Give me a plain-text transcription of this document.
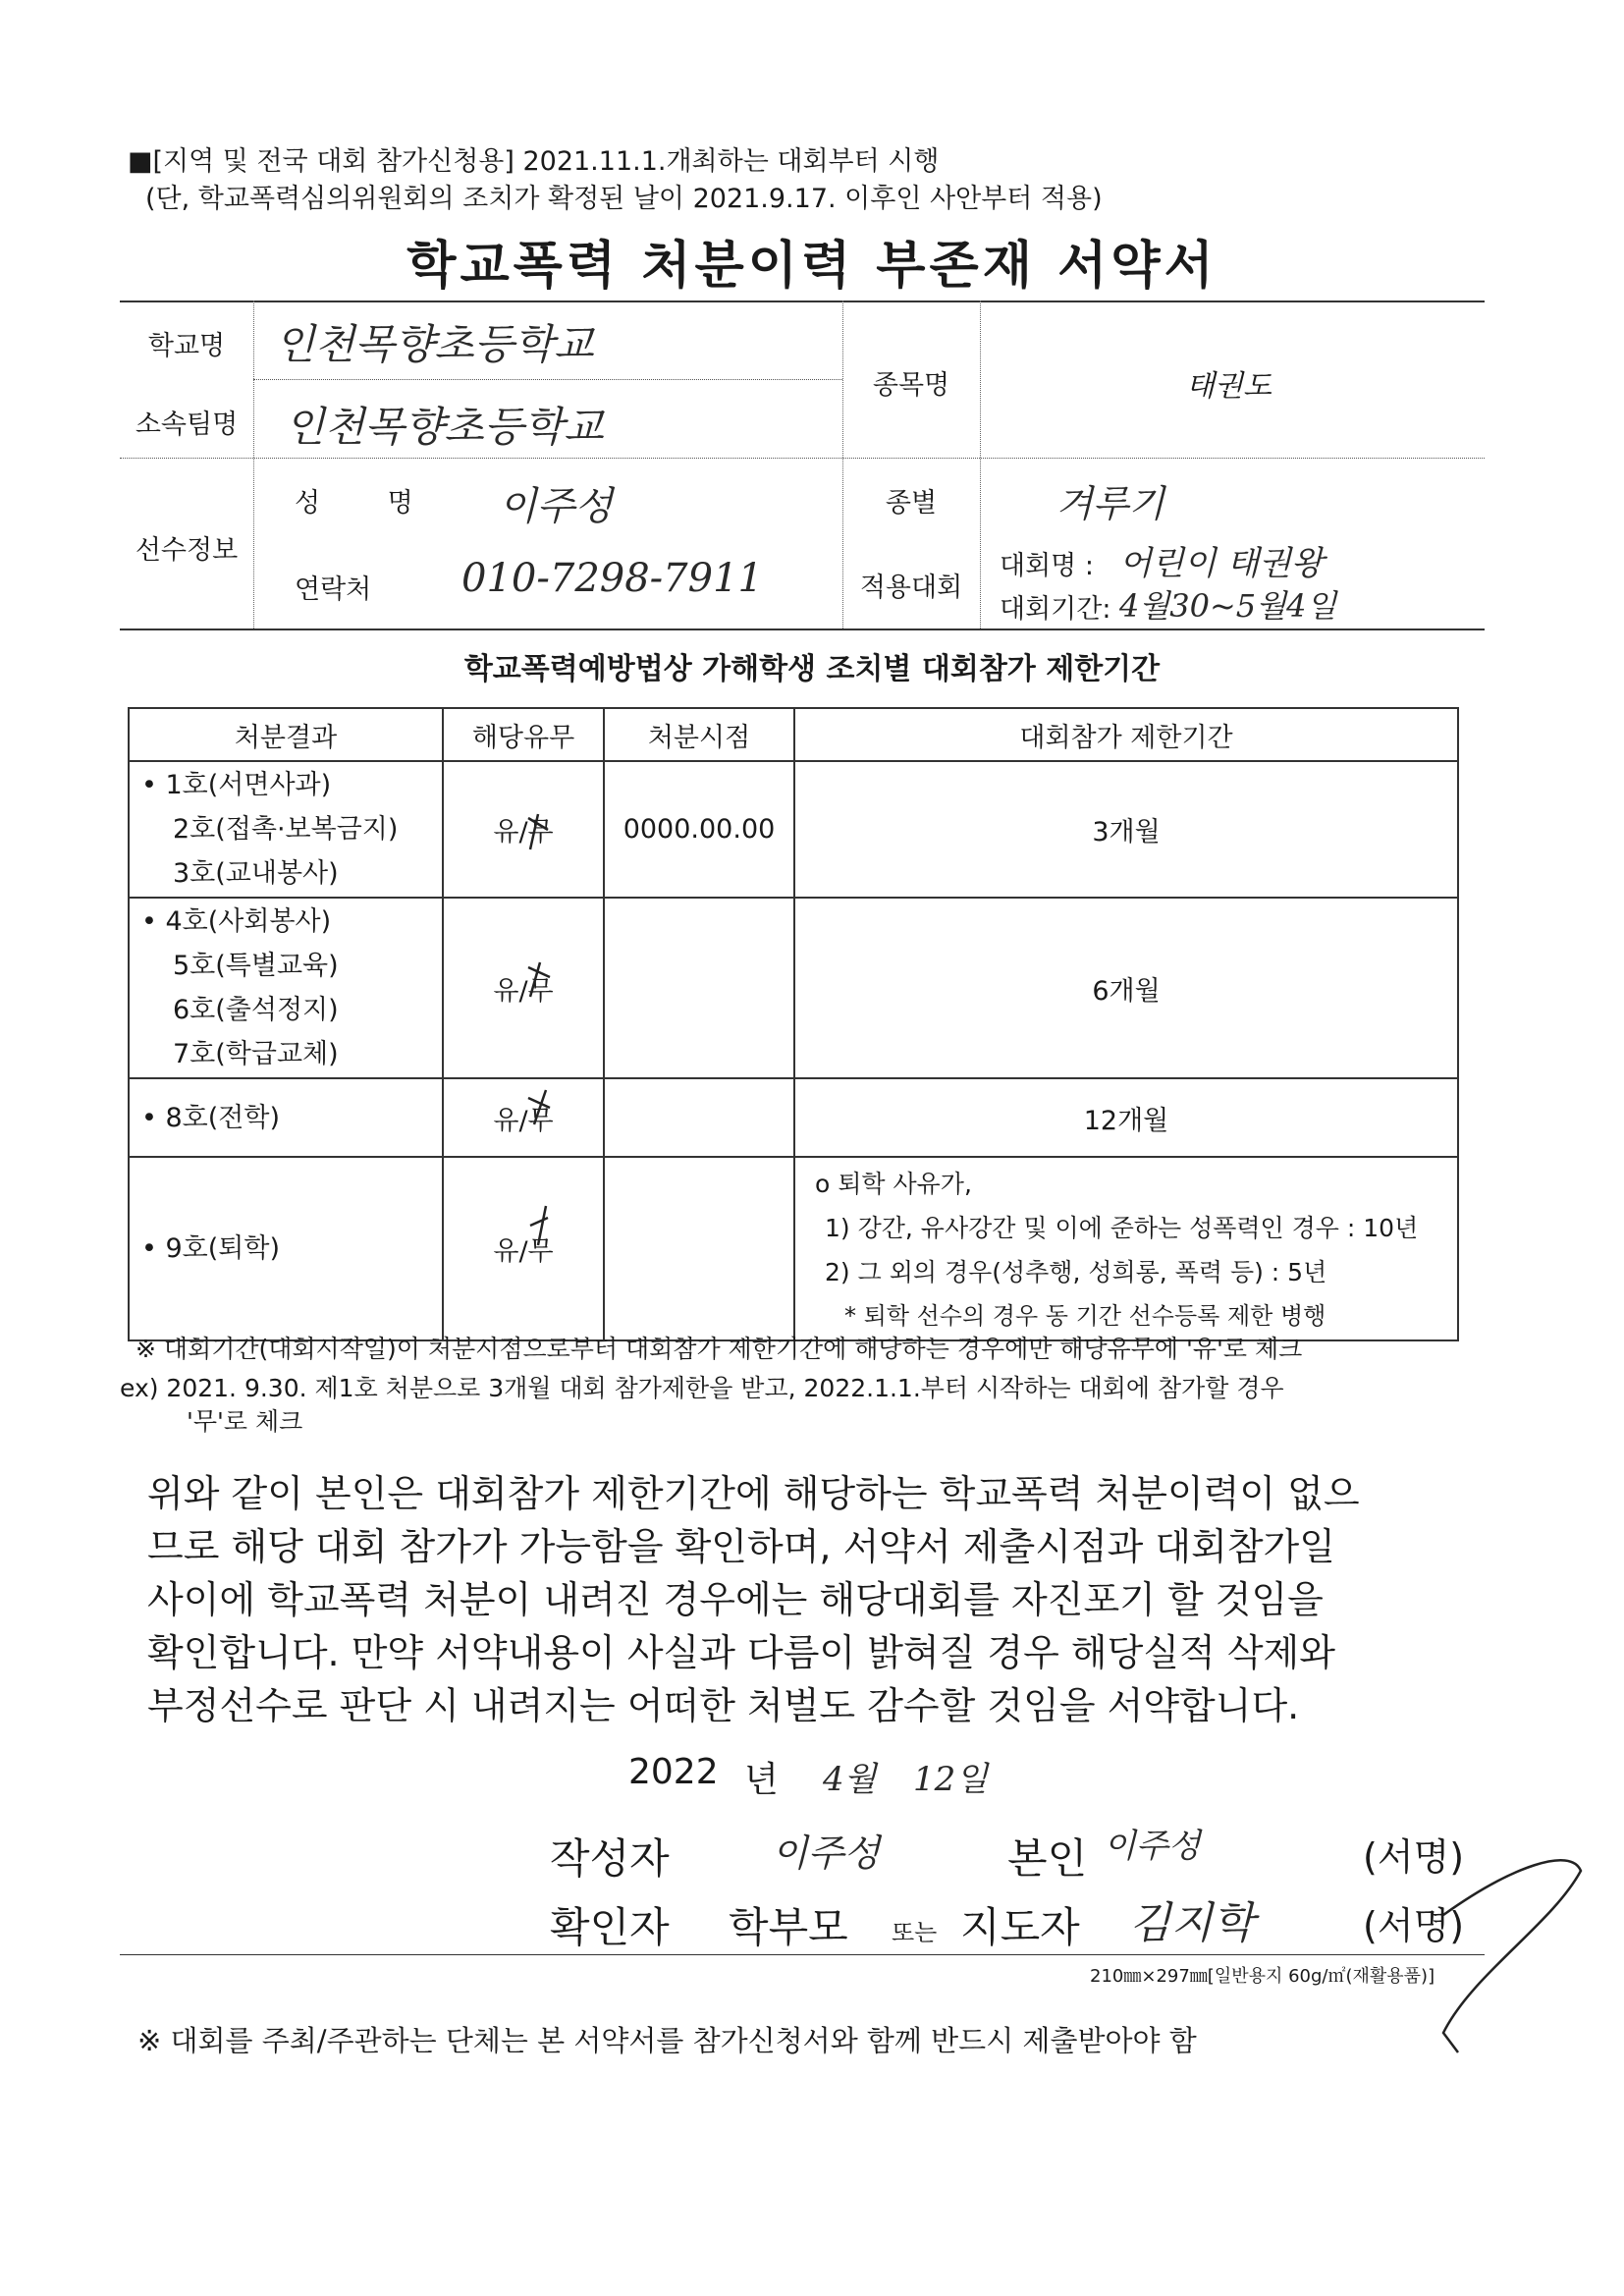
■[지역 및 전국 대회 참가신청용] 2021.11.1.개최하는 대회부터 시행
(단, 학교폭력심의위원회의 조치가 확정된 날이 2021.9.17. 이후인 사안부터 적용)
학교폭력 처분이력 부존재 서약서
학교명	인천목향초등학교
소속팀명	인천목향초등학교
종목명	태권도
선수정보
성 명 이주성
연락처 010-7298-7911
종별	겨루기
적용대회
대회명 : 어린이 태권왕
대회기간: 4월30~5월4일
학교폭력예방법상 가해학생 조치별 대회참가 제한기간
처분결과	해당유무	처분시점	대회참가 제한기간

• 1호(서면사과)
2호(접촉·보복금지)
3호(교내봉사)	유/무	0000.00.00	3개월

• 4호(사회봉사)
5호(특별교육)
6호(출석정지)
7호(학급교체)	유/무		6개월

• 8호(전학)	유/무		12개월

• 9호(퇴학)	유/무		o 퇴학 사유가,
1) 강간, 유사강간 및 이에 준하는 성폭력인 경우 : 10년
2) 그 외의 경우(성추행, 성희롱, 폭력 등) : 5년
* 퇴학 선수의 경우 동 기간 선수등록 제한 병행
※ 대회기간(대회시작일)이 처분시점으로부터 대회참가 제한기간에 해당하는 경우에만 해당유무에 '유'로 체크
ex) 2021. 9.30. 제1호 처분으로 3개월 대회 참가제한을 받고, 2022.1.1.부터 시작하는 대회에 참가할 경우
'무'로 체크
위와 같이 본인은 대회참가 제한기간에 해당하는 학교폭력 처분이력이 없으
므로 해당 대회 참가가 가능함을 확인하며, 서약서 제출시점과 대회참가일
사이에 학교폭력 처분이 내려진 경우에는 해당대회를 자진포기 할 것임을
확인합니다. 만약 서약내용이 사실과 다름이 밝혀질 경우 해당실적 삭제와
부정선수로 판단 시 내려지는 어떠한 처벌도 감수할 것임을 서약합니다.
2022 년 4월 12일
작성자	이주성	본인 이주성	(서명)
확인자 학부모 또는 지도자 김지학	(서명)
210㎜×297㎜[일반용지 60g/㎡(재활용품)]
※ 대회를 주최/주관하는 단체는 본 서약서를 참가신청서와 함께 반드시 제출받아야 함
